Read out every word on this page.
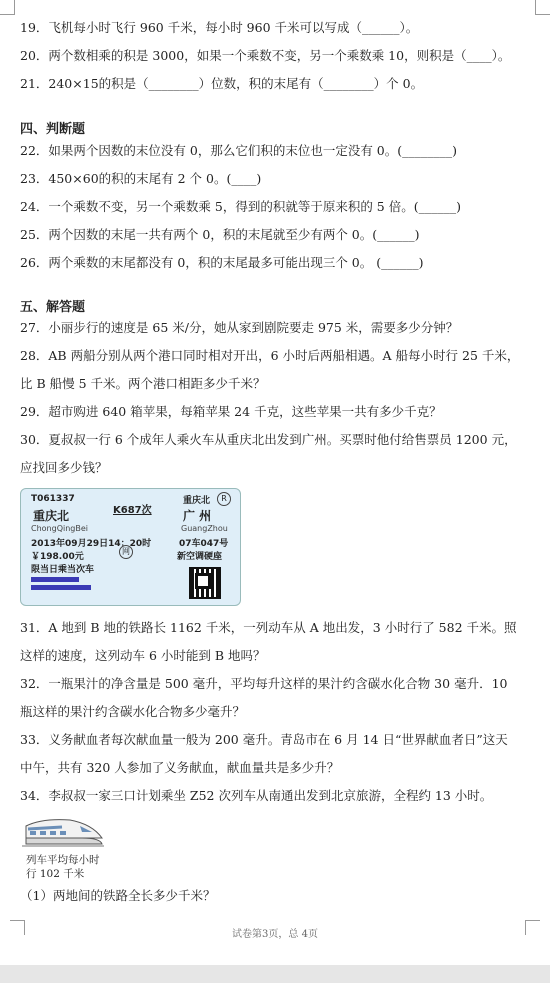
19．飞机每小时飞行 960 千米，每小时 960 千米可以写成（______）。
20．两个数相乘的积是 3000，如果一个乘数不变，另一个乘数乘 10，则积是（____）。
21．240×15的积是（________）位数，积的末尾有（________）个 0。
四、判断题
22．如果两个因数的末位没有 0，那么它们积的末位也一定没有 0。(________)
23．450×60的积的末尾有 2 个 0。(____)
24．一个乘数不变，另一个乘数乘 5，得到的积就等于原来积的 5 倍。(______)
25．两个因数的末尾一共有两个 0，积的末尾就至少有两个 0。(______)
26．两个乘数的末尾都没有 0，积的末尾最多可能出现三个 0。 (______)
五、解答题
27．小丽步行的速度是 65 米/分，她从家到剧院要走 975 米，需要多少分钟？
28．AB 两船分别从两个港口同时相对开出，6 小时后两船相遇。A 船每小时行 25 千米，
比 B 船慢 5 千米。两个港口相距多少千米？
29．超市购进 640 箱苹果，每箱苹果 24 千克，这些苹果一共有多少千克？
30．夏叔叔一行 6 个成年人乘火车从重庆北出发到广州。买票时他付给售票员 1200 元，
应找回多少钱？
T061337
K687次
重庆北	R
重庆北	广 州
ChongQingBei	GuangZhou
2013年09月29日14：20时	07车047号
￥198.00元
网
新空调硬座
限当日乘当次车
31．A 地到 B 地的铁路长 1162 千米，一列动车从 A 地出发，3 小时行了 582 千米。照
这样的速度，这列动车 6 小时能到 B 地吗？
32．一瓶果汁的净含量是 500 毫升，平均每升这样的果汁约含碳水化合物 30 毫升．10
瓶这样的果汁约含碳水化合物多少毫升？
33．义务献血者每次献血量一般为 200 毫升。青岛市在 6 月 14 日“世界献血者日”这天
中午，共有 320 人参加了义务献血，献血量共是多少升？
34．李叔叔一家三口计划乘坐 Z52 次列车从南通出发到北京旅游，全程约 13 小时。
列车平均每小时
行 102 千米
（1）两地间的铁路全长多少千米？
试卷第3页，总 4页
